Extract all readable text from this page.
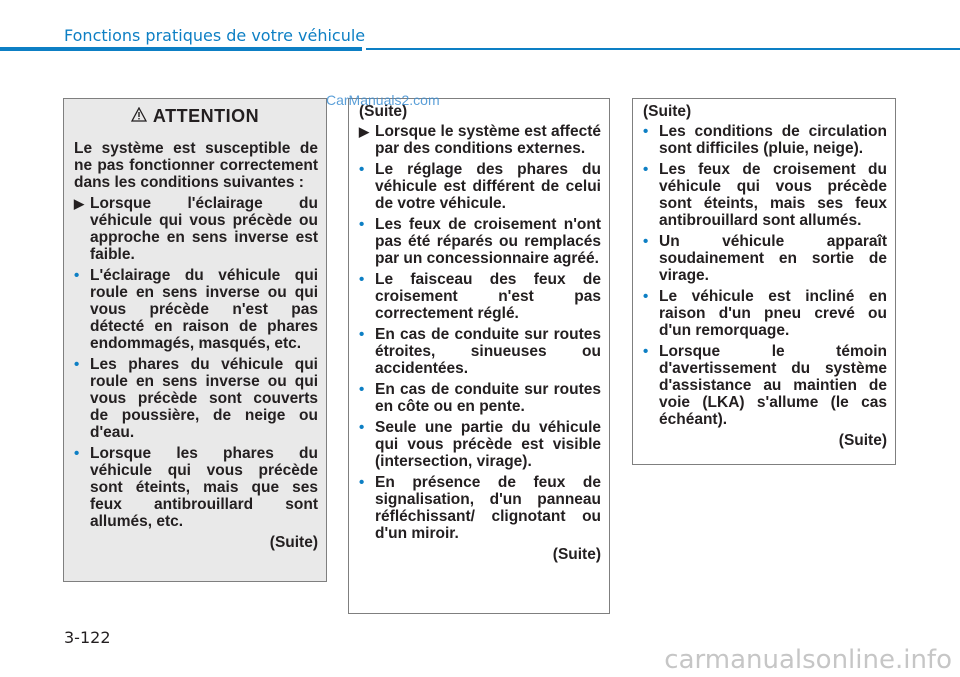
Fonctions pratiques de votre véhicule
ATTENTION

Le système est susceptible de ne pas fonctionner correctement dans les conditions suivantes :

▶ Lorsque l'éclairage du véhicule qui vous précède ou approche en sens inverse est faible.
• L'éclairage du véhicule qui roule en sens inverse ou qui vous précède n'est pas détecté en raison de phares endommagés, masqués, etc.
• Les phares du véhicule qui roule en sens inverse ou qui vous précède sont couverts de poussière, de neige ou d'eau.
• Lorsque les phares du véhicule qui vous précède sont éteints, mais que ses feux antibrouillard sont allumés, etc.
(Suite)
(Suite)
▶ Lorsque le système est affecté par des conditions externes.
• Le réglage des phares du véhicule est différent de celui de votre véhicule.
• Les feux de croisement n'ont pas été réparés ou remplacés par un concessionnaire agréé.
• Le faisceau des feux de croisement n'est pas correctement réglé.
• En cas de conduite sur routes étroites, sinueuses ou accidentées.
• En cas de conduite sur routes en côte ou en pente.
• Seule une partie du véhicule qui vous précède est visible (intersection, virage).
• En présence de feux de signalisation, d'un panneau réfléchissant/ clignotant ou d'un miroir.
(Suite)
(Suite)
• Les conditions de circulation sont difficiles (pluie, neige).
• Les feux de croisement du véhicule qui vous précède sont éteints, mais ses feux antibrouillard sont allumés.
• Un véhicule apparaît soudainement en sortie de virage.
• Le véhicule est incliné en raison d'un pneu crevé ou d'un remorquage.
• Lorsque le témoin d'avertissement du système d'assistance au maintien de voie (LKA) s'allume (le cas échéant).
(Suite)
CarManuals2.com
3-122
carmanualsonline.info
